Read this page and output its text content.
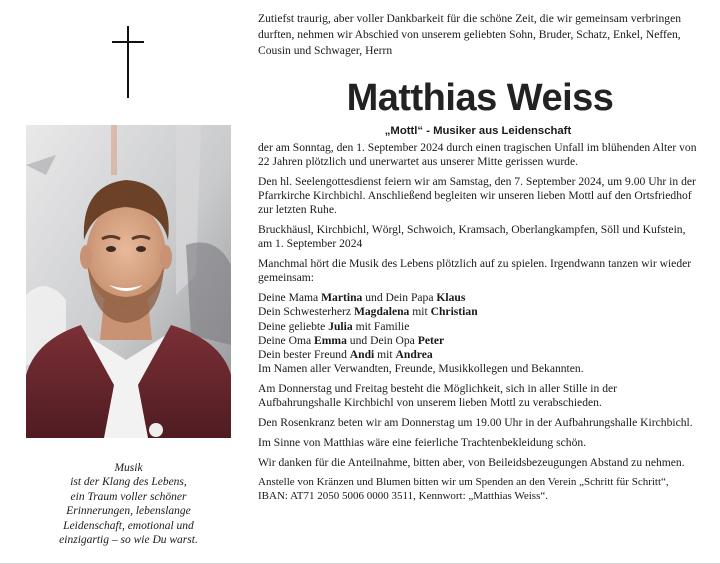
Zutiefst traurig, aber voller Dankbarkeit für die schöne Zeit, die wir gemeinsam verbringen durften, nehmen wir Abschied von unserem geliebten Sohn, Bruder, Schatz, Enkel, Neffen, Cousin und Schwager, Herrn
Matthias Weiss
„Mottl“ - Musiker aus Leidenschaft
Musik
ist der Klang des Lebens,
ein Traum voller schöner
Erinnerungen, lebenslange
Leidenschaft, emotional und
einzigartig – so wie Du warst.

der am Sonntag, den 1. September 2024 durch einen tragischen Unfall im blühenden Alter von 22 Jahren plötzlich und unerwartet aus unserer Mitte gerissen wurde.

Den hl. Seelengottesdienst feiern wir am Samstag, den 7. September 2024, um 9.00 Uhr in der Pfarrkirche Kirchbichl. Anschließend begleiten wir unseren lieben Mottl auf den Ortsfriedhof zur letzten Ruhe.

Bruckhäusl, Kirchbichl, Wörgl, Schwoich, Kramsach, Oberlangkampfen, Söll und Kufstein, am 1. September 2024

Manchmal hört die Musik des Lebens plötzlich auf zu spielen. Irgendwann tanzen wir wieder gemeinsam:

Deine Mama Martina und Dein Papa Klaus
Dein Schwesterherz Magdalena mit Christian
Deine geliebte Julia mit Familie
Deine Oma Emma und Dein Opa Peter
Dein bester Freund Andi mit Andrea
Im Namen aller Verwandten, Freunde, Musikkollegen und Bekannten.

Am Donnerstag und Freitag besteht die Möglichkeit, sich in aller Stille in der Aufbahrungshalle Kirchbichl von unserem lieben Mottl zu verabschieden.

Den Rosenkranz beten wir am Donnerstag um 19.00 Uhr in der Aufbahrungshalle Kirchbichl.

Im Sinne von Matthias wäre eine feierliche Trachtenbekleidung schön.

Wir danken für die Anteilnahme, bitten aber, von Beileidsbezeugungen Abstand zu nehmen.

Anstelle von Kränzen und Blumen bitten wir um Spenden an den Verein „Schritt für Schritt“, IBAN: AT71 2050 5006 0000 3511, Kennwort: „Matthias Weiss“.
